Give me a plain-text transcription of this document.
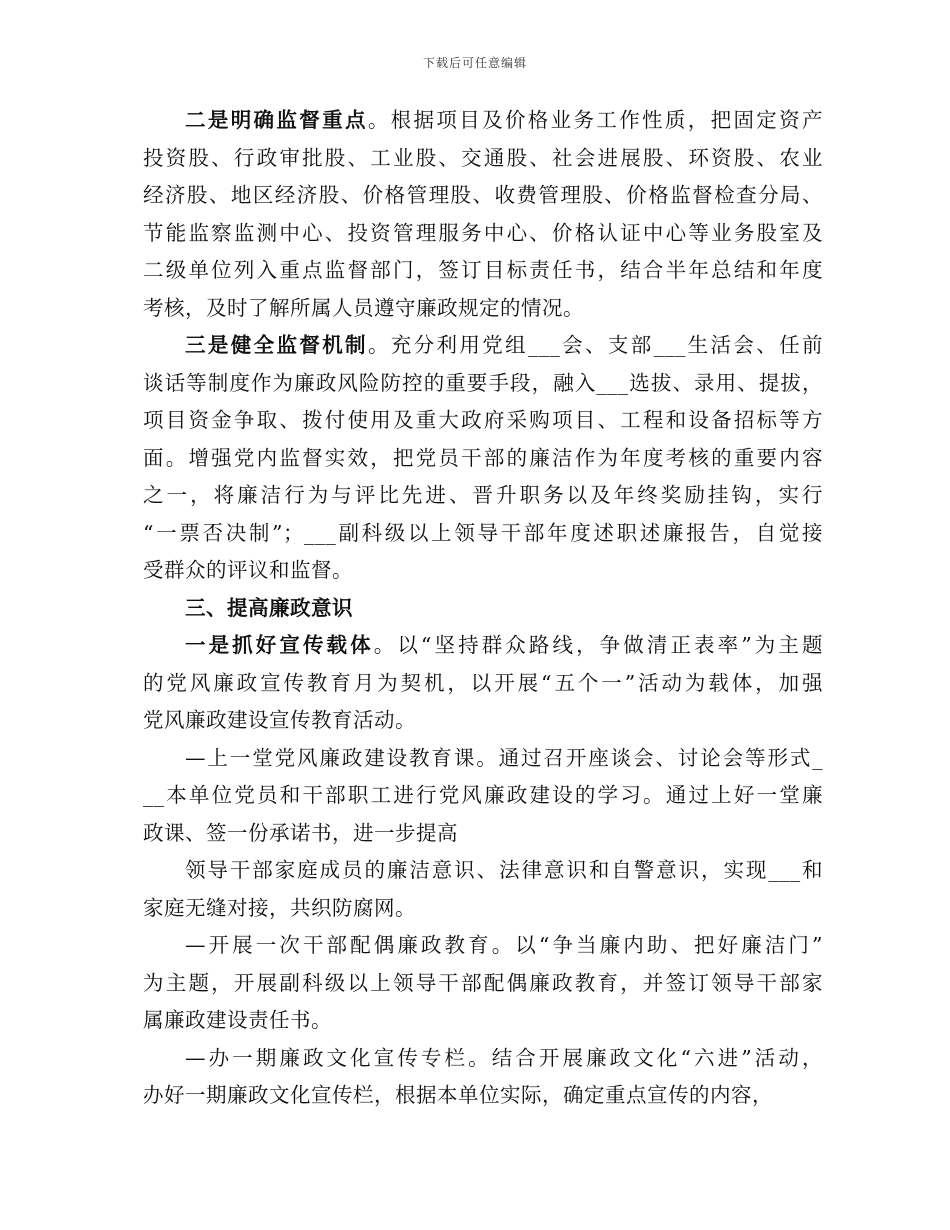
下载后可任意编辑
二是明确监督重点。根据项目及价格业务工作性质，把固定资产
投资股、行政审批股、工业股、交通股、社会进展股、环资股、农业
经济股、地区经济股、价格管理股、收费管理股、价格监督检查分局、
节能监察监测中心、投资管理服务中心、价格认证中心等业务股室及
二级单位列入重点监督部门，签订目标责任书，结合半年总结和年度
考核，及时了解所属人员遵守廉政规定的情况。
三是健全监督机制。充分利用党组___会、支部___生活会、任前
谈话等制度作为廉政风险防控的重要手段，融入___选拔、录用、提拔，
项目资金争取、拨付使用及重大政府采购项目、工程和设备招标等方
面。增强党内监督实效，把党员干部的廉洁作为年度考核的重要内容
之一，将廉洁行为与评比先进、晋升职务以及年终奖励挂钩，实行
“一票否决制”；___副科级以上领导干部年度述职述廉报告，自觉接
受群众的评议和监督。
三、提高廉政意识
一是抓好宣传载体。以“坚持群众路线，争做清正表率”为主题
的党风廉政宣传教育月为契机，以开展“五个一”活动为载体，加强
党风廉政建设宣传教育活动。
—上一堂党风廉政建设教育课。通过召开座谈会、讨论会等形式_
__本单位党员和干部职工进行党风廉政建设的学习。通过上好一堂廉
政课、签一份承诺书，进一步提高
领导干部家庭成员的廉洁意识、法律意识和自警意识，实现___和
家庭无缝对接，共织防腐网。
—开展一次干部配偶廉政教育。以“争当廉内助、把好廉洁门”
为主题，开展副科级以上领导干部配偶廉政教育，并签订领导干部家
属廉政建设责任书。
—办一期廉政文化宣传专栏。结合开展廉政文化“六进”活动，
办好一期廉政文化宣传栏，根据本单位实际，确定重点宣传的内容，
